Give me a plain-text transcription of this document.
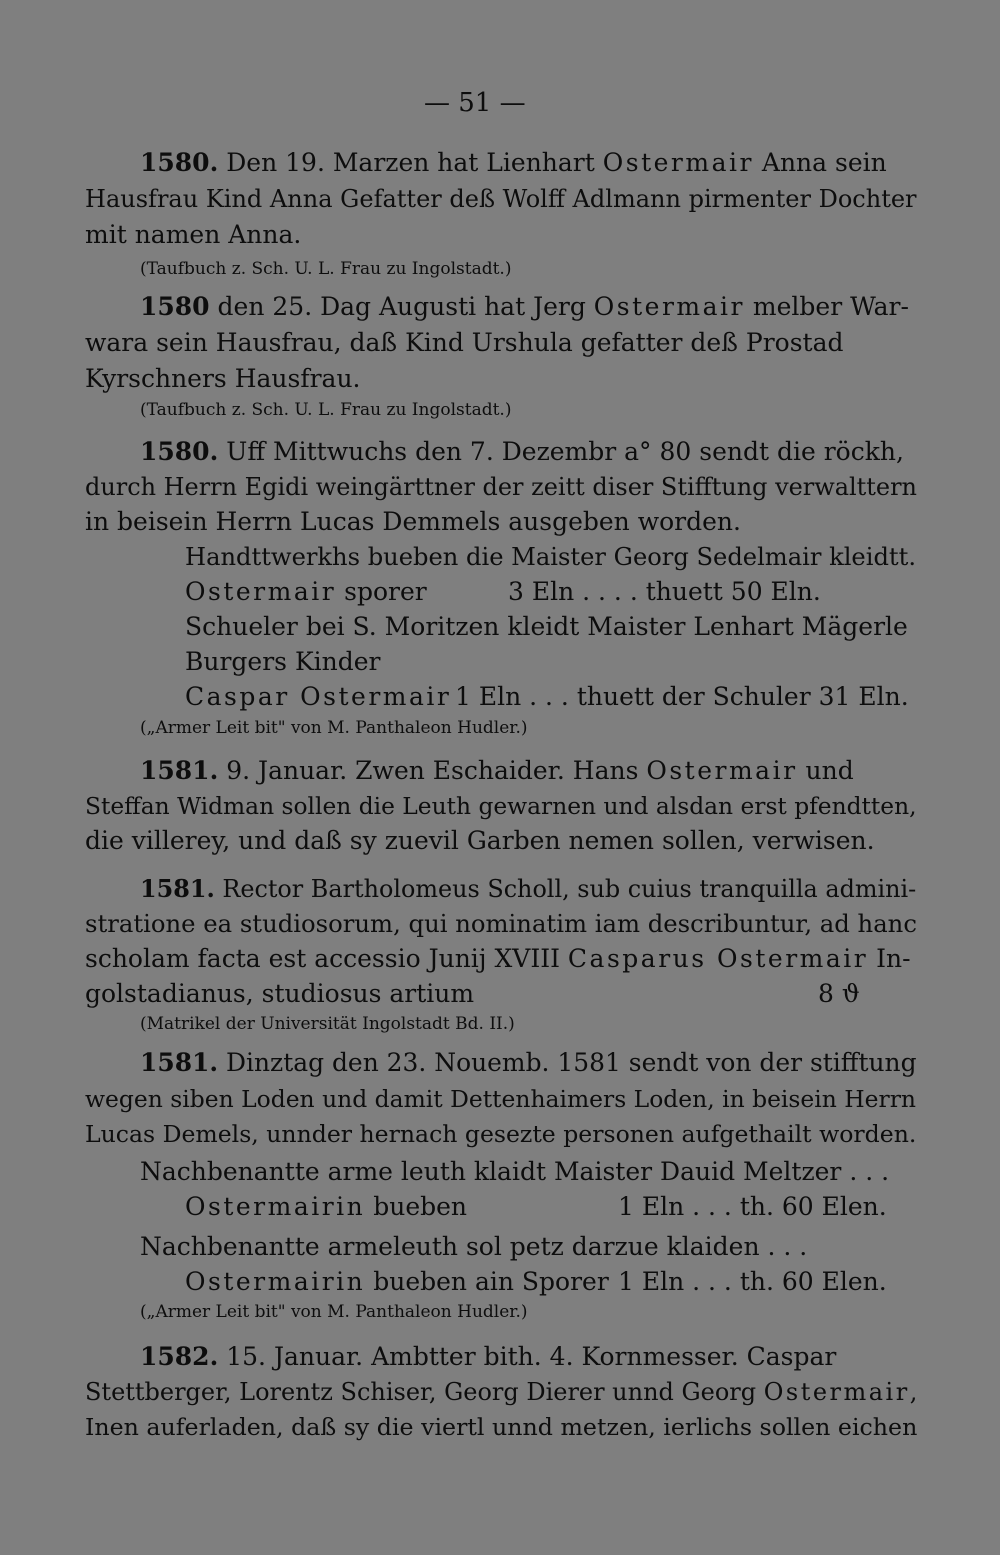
— 51 —
1580. Den 19. Marzen hat Lienhart Ostermair Anna sein
Hausfrau Kind Anna Gefatter deß Wolff Adlmann pirmenter Dochter
mit namen Anna.
(Taufbuch z. Sch. U. L. Frau zu Ingolstadt.)
1580 den 25. Dag Augusti hat Jerg Ostermair melber War-
wara sein Hausfrau, daß Kind Urshula gefatter deß Prostad
Kyrschners Hausfrau.
(Taufbuch z. Sch. U. L. Frau zu Ingolstadt.)
1580. Uff Mittwuchs den 7. Dezembr a° 80 sendt die röckh,
durch Herrn Egidi weingärttner der zeitt diser Stifftung verwalttern
in beisein Herrn Lucas Demmels ausgeben worden.
Handttwerkhs bueben die Maister Georg Sedelmair kleidtt.
Ostermair sporer	3 Eln . . . . thuett 50 Eln.
Schueler bei S. Moritzen kleidt Maister Lenhart Mägerle
Burgers Kinder
Caspar Ostermair 1 Eln . . . thuett der Schuler 31 Eln.
(„Armer Leit bit" von M. Panthaleon Hudler.)
1581. 9. Januar. Zwen Eschaider. Hans Ostermair und
Steffan Widman sollen die Leuth gewarnen und alsdan erst pfendtten,
die villerey, und daß sy zuevil Garben nemen sollen, verwisen.
1581. Rector Bartholomeus Scholl, sub cuius tranquilla admini-
stratione ea studiosorum, qui nominatim iam describuntur, ad hanc
scholam facta est accessio Junij XVIII Casparus Ostermair In-
golstadianus, studiosus artium	8 ϑ
(Matrikel der Universität Ingolstadt Bd. II.)
1581. Dinztag den 23. Nouemb. 1581 sendt von der stifftung
wegen siben Loden und damit Dettenhaimers Loden, in beisein Herrn
Lucas Demels, unnder hernach gesezte personen aufgethailt worden.
Nachbenantte arme leuth klaidt Maister Dauid Meltzer . . .
Ostermairin bueben	1 Eln . . . th. 60 Elen.
Nachbenantte armeleuth sol petz darzue klaiden . . .
Ostermairin bueben ain Sporer 1 Eln . . . th. 60 Elen.
(„Armer Leit bit" von M. Panthaleon Hudler.)
1582. 15. Januar. Ambtter bith. 4. Kornmesser. Caspar
Stettberger, Lorentz Schiser, Georg Dierer unnd Georg Ostermair,
Inen auferladen, daß sy die viertl unnd metzen, ierlichs sollen eichen
